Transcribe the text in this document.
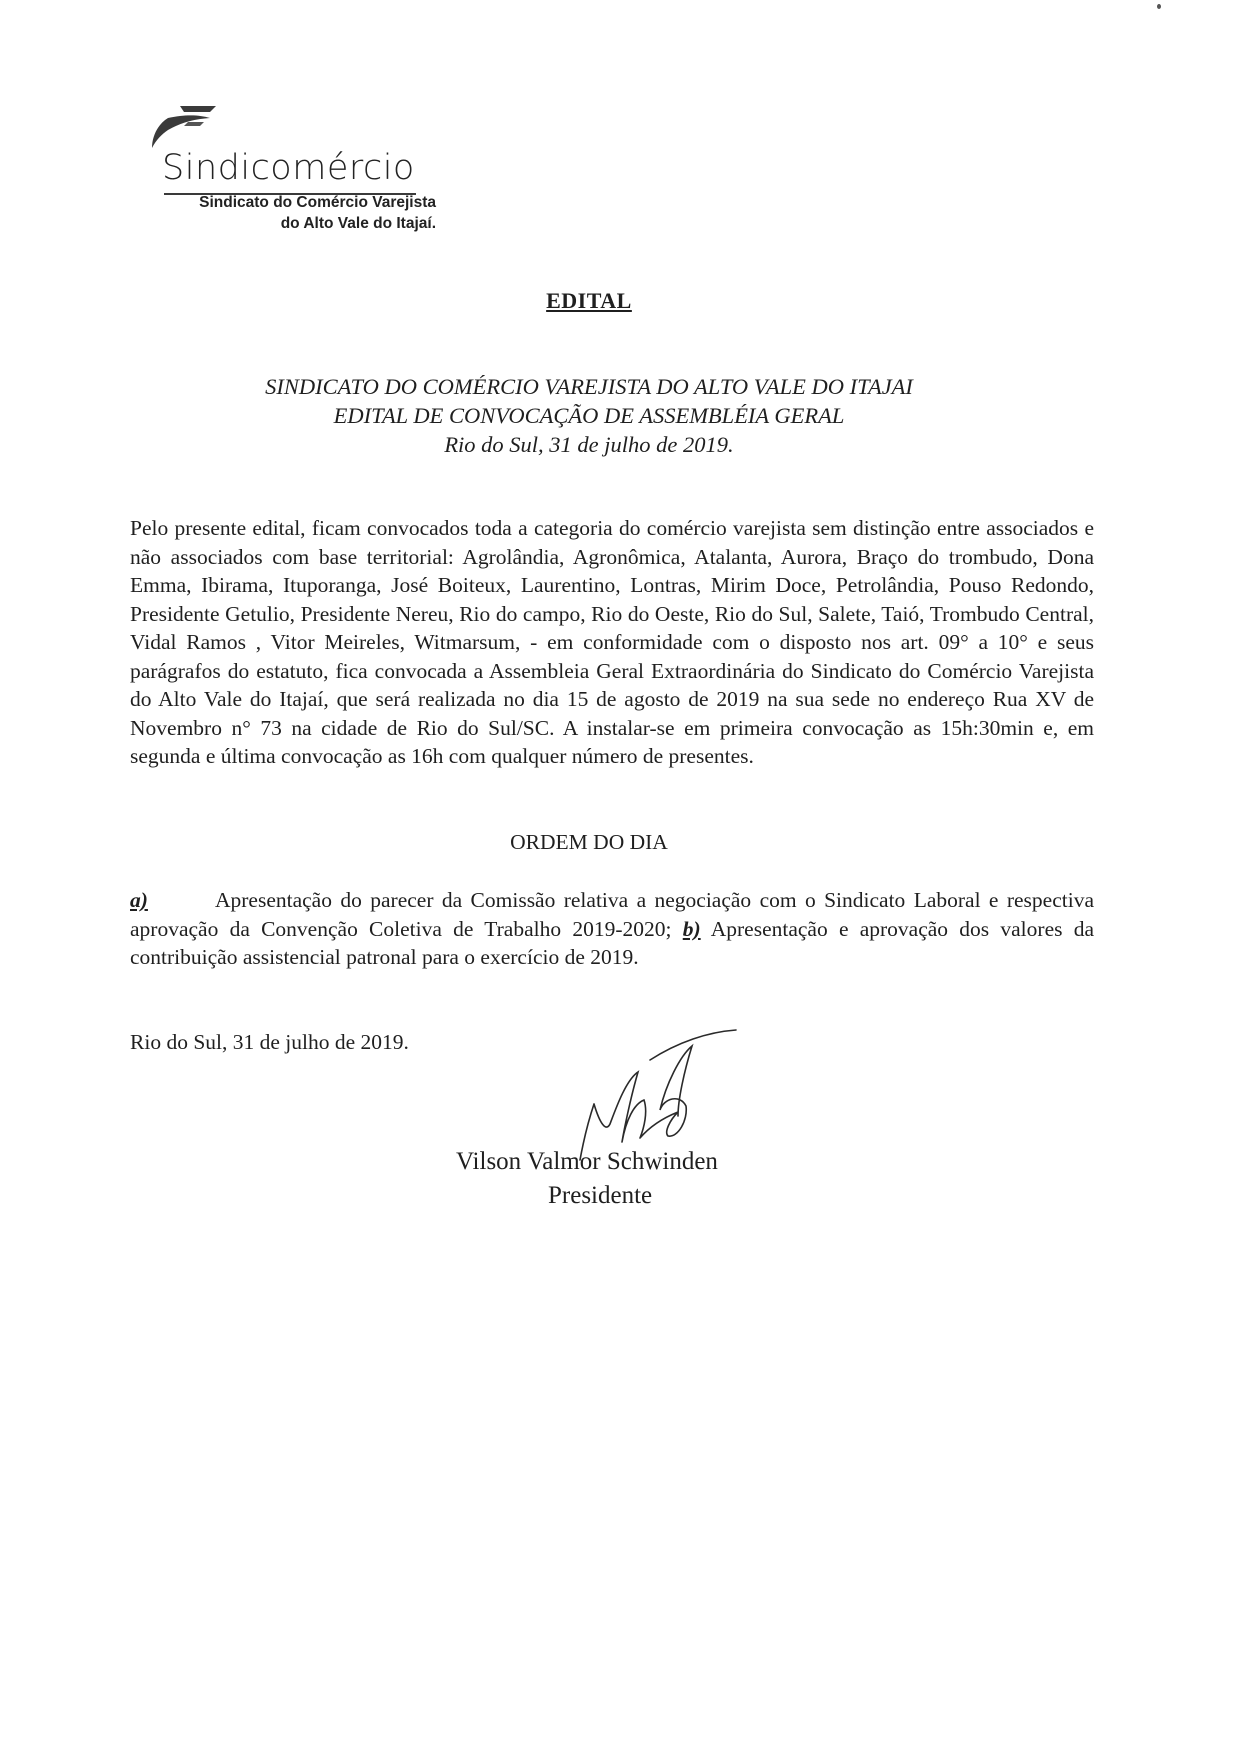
Sindicomércio
Sindicato do Comércio Varejista
do Alto Vale do Itajaí.
EDITAL
SINDICATO DO COMÉRCIO VAREJISTA DO ALTO VALE DO ITAJAI
EDITAL DE CONVOCAÇÃO DE ASSEMBLÉIA GERAL
Rio do Sul, 31 de julho de 2019.
Pelo presente edital, ficam convocados toda a categoria do comércio varejista sem distinção entre associados e não associados com base territorial: Agrolândia, Agronômica, Atalanta, Aurora, Braço do trombudo, Dona Emma, Ibirama, Ituporanga, José Boiteux, Laurentino, Lontras, Mirim Doce, Petrolândia, Pouso Redondo, Presidente Getulio, Presidente Nereu, Rio do campo, Rio do Oeste, Rio do Sul, Salete, Taió, Trombudo Central, Vidal Ramos , Vitor Meireles, Witmarsum, - em conformidade com o disposto nos art. 09° a 10° e seus parágrafos do estatuto, fica convocada a Assembleia Geral Extraordinária do Sindicato do Comércio Varejista do Alto Vale do Itajaí, que será realizada no dia 15 de agosto de 2019 na sua sede no endereço Rua XV de Novembro n° 73 na cidade de Rio do Sul/SC. A instalar-se em primeira convocação as 15h:30min e, em segunda e última convocação as 16h com qualquer número de presentes.
ORDEM DO DIA
a)	Apresentação do parecer da Comissão relativa a negociação com o Sindicato Laboral e respectiva aprovação da Convenção Coletiva de Trabalho 2019-2020; b) Apresentação e aprovação dos valores da contribuição assistencial patronal para o exercício de 2019.
Rio do Sul, 31 de julho de 2019.
Vilson Valmor Schwinden
Presidente
